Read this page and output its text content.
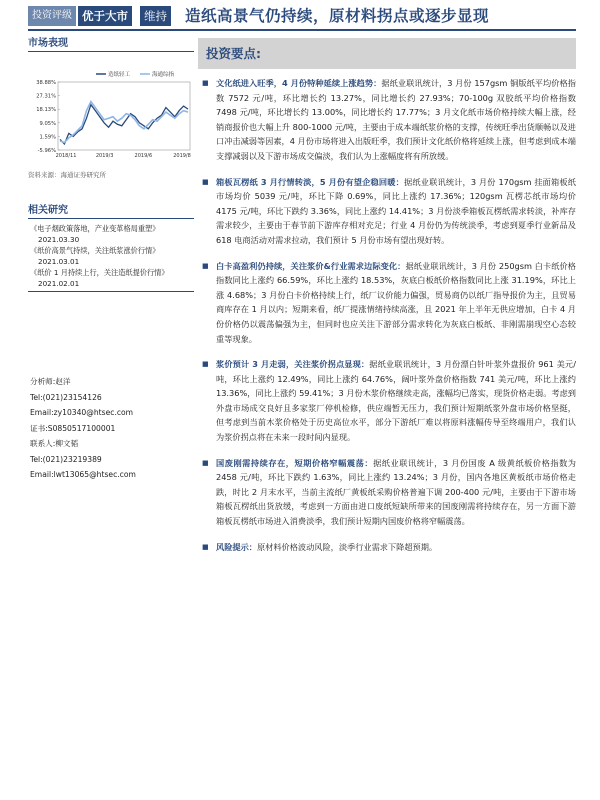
投资评级 优于大市	维持 造纸高景气仍持续，原材料拐点或逐步显现
市场表现
38.88%
27.31%
18.13%
9.05%
1.59%
-5.96%
2018/11	2019/3	2019/6	2019/8
造纸轻工	海通综指
资料来源：海通证券研究所
相关研究
《电子烟政策落地，产业变革格局重塑》
2021.03.30
《纸价高景气持续，关注纸浆涨价行情》
2021.03.01
《纸价 1 月持续上行，关注造纸提价行情》
2021.02.01
分析师:赵洋
Tel:(021)23154126
Email:zy10340@htsec.com
证书:S0850517100001
联系人:柳文韬
Tel:(021)23219389
Email:lwt13065@htsec.com
投资要点:
■ 文化纸进入旺季，4 月份特种延续上涨趋势：据纸业联讯统计，3 月份 157gsm 铜版纸平均价格指数 7572 元/吨，环比增长约 13.27%，同比增长约 27.93%；70-100g 双胶纸平均价格指数 7498 元/吨，环比增长约 13.00%，同比增长约 17.77%；3 月文化纸市场价格持续大幅上涨，经销商报价也大幅上升 800-1000 元/吨，主要由于成本端纸浆价格的支撑，传统旺季出货顺畅以及进口冲击减弱等因素，4 月份市场将进入出版旺季，我们预计文化纸价格将延续上涨，但考虑到成本端支撑减弱以及下游市场成交偏淡，我们认为上涨幅度将有所放缓。
■ 箱板瓦楞纸 3 月行情转淡，5 月份有望企稳回暖：据纸业联讯统计，3 月份 170gsm 挂面箱板纸市场均价 5039 元/吨，环比下降 0.69%，同比上涨约 17.36%；120gsm 瓦楞芯纸市场均价 4175 元/吨，环比下跌约 3.36%，同比上涨约 14.41%；3 月份淡季箱板瓦楞纸需求转淡，补库存需求较少，主要由于春节前下游库存相对充足；行业 4 月份仍为传统淡季，考虑到夏季行业新品及 618 电商活动对需求拉动，我们预计 5 月份市场有望出现好转。
■ 白卡高盈利仍持续，关注浆价&行业需求边际变化：据纸业联讯统计，3 月份 250gsm 白卡纸价格指数同比上涨约 66.59%，环比上涨约 18.53%，灰底白板纸价格指数同比上涨 31.19%，环比上涨 4.68%；3 月份白卡价格持续上行，纸厂议价能力偏强，贸易商仍以纸厂指导报价为主，且贸易商库存在 1 月以内；短期来看，纸厂提涨情绪持续高涨，且 2021 年上半年无供应增加，白卡 4 月份价格仍以震荡偏强为主，但同时也应关注下游部分需求转化为灰底白板纸、非刚需崩现空心态较重等现象。
■ 浆价预计 3 月走弱，关注浆价拐点显现：据纸业联讯统计，3 月份漂白针叶浆外盘报价 961 美元/吨，环比上涨约 12.49%，同比上涨约 64.76%，阔叶浆外盘价格指数 741 美元/吨，环比上涨约 13.36%，同比上涨约 59.41%；3 月份木浆价格继续走高，涨幅均已落实，现货价格走弱。考虑到外盘市场成交良好且多家浆厂停机检修，供应端暂无压力，我们预计短期纸浆外盘市场价格坚挺，但考虑到当前木浆价格处于历史高位水平，部分下游纸厂难以将原料涨幅传导至终端用户，我们认为浆价拐点将在未来一段时间内显现。
■ 国废刚需持续存在，短期价格窄幅震荡：据纸业联讯统计，3 月份国废 A 级黄纸板价格指数为 2458 元/吨，环比下跌约 1.63%，同比上涨约 13.24%；3 月份，国内各地区黄板纸市场价格走跌，时比 2 月末水平，当前主流纸厂黄板纸采购价格普遍下调 200-400 元/吨，主要由于下游市场箱板瓦楞纸出货放缓，考虑到一方面由进口废纸短缺所带来的国废刚需将持续存在，另一方面下游箱板瓦楞纸市场进入消费淡季，我们预计短期内国废价格将窄幅震荡。
■ 风险提示：原材料价格波动风险，淡季行业需求下降超预期。
